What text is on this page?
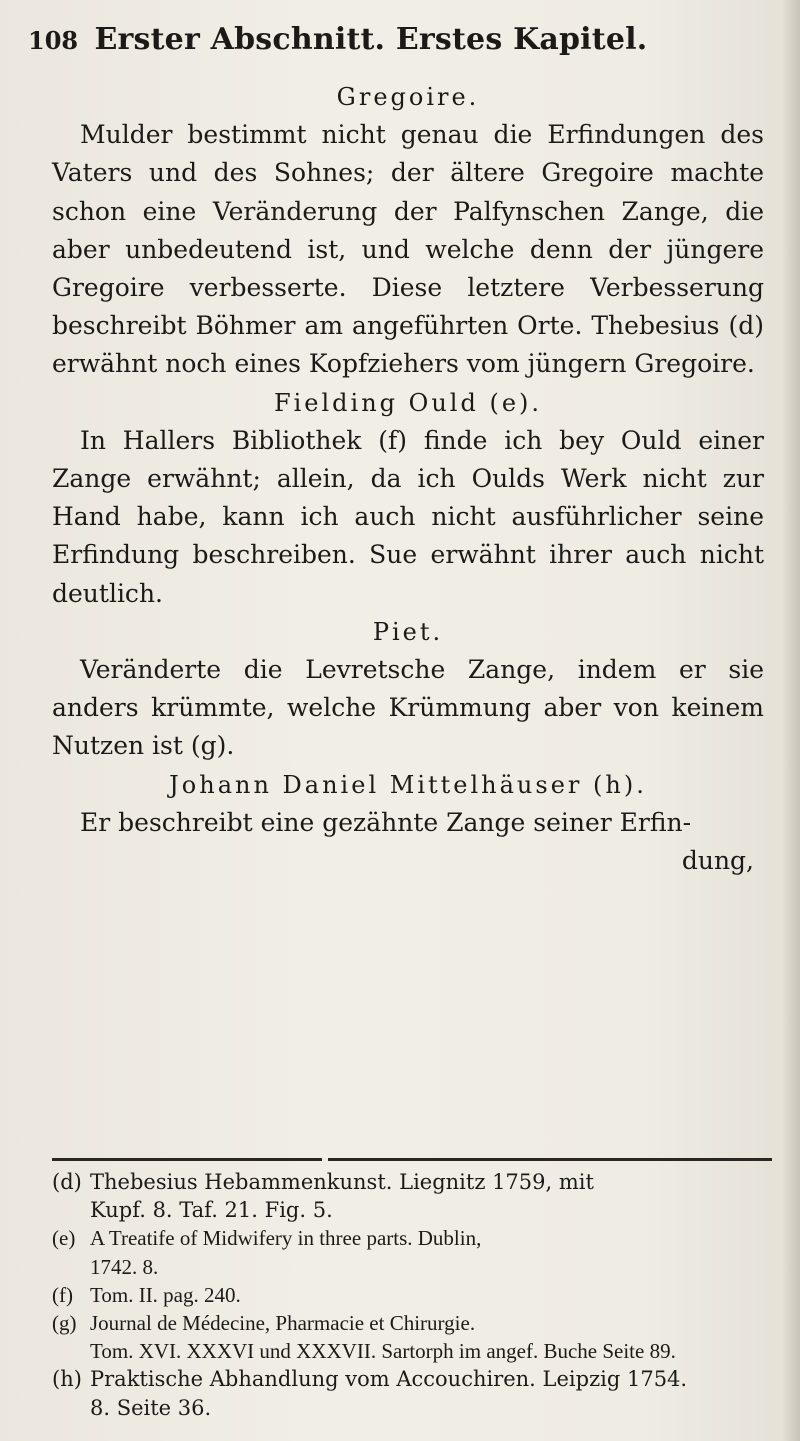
108 Erster Abschnitt. Erstes Kapitel.

Gregoire.

Mulder bestimmt nicht genau die Erfindungen des Vaters und des Sohnes; der ältere Gregoire machte schon eine Veränderung der Palfynschen Zange, die aber unbedeutend ist, und welche denn der jüngere Gregoire verbesserte. Diese letztere Verbesserung beschreibt Böhmer am angeführten Orte. Thebesius (d) erwähnt noch eines Kopfziehers vom jüngern Gregoire.

Fielding Ould (e).

In Hallers Bibliothek (f) finde ich bey Ould einer Zange erwähnt; allein, da ich Oulds Werk nicht zur Hand habe, kann ich auch nicht ausführlicher seine Erfindung beschreiben. Sue erwähnt ihrer auch nicht deutlich.

Piet.

Veränderte die Levretsche Zange, indem er sie anders krümmte, welche Krümmung aber von keinem Nutzen ist (g).

Johann Daniel Mittelhäuser (h).

Er beschreibt eine gezähnte Zange seiner Erfin-

dung,

(d) Thebesius Hebammenkunst. Liegnitz 1759, mit
Kupf. 8. Taf. 21. Fig. 5.
(e) A Treatife of Midwifery in three parts. Dublin,
1742. 8.
(f) Tom. II. pag. 240.
(g) Journal de Médecine, Pharmacie et Chirurgie.
Tom. XVI. XXXVI und XXXVII. Sartorph im angef. Buche Seite 89.
(h) Praktische Abhandlung vom Accouchiren. Leipzig 1754.
8. Seite 36.
